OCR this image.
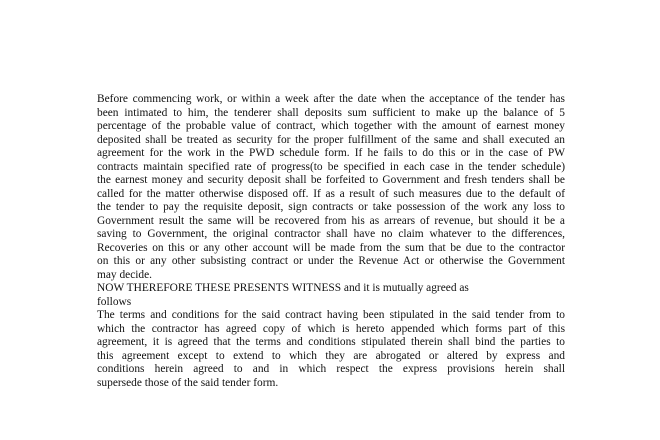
Before commencing work, or within a week after the date when the acceptance of the tender has
been intimated to him, the tenderer shall deposits sum sufficient to make up the balance of 5
percentage of the probable value of contract, which together with the amount of earnest money
deposited shall be treated as security for the proper fulfillment of the same and shall executed an
agreement for the work in the PWD schedule form. If he fails to do this or in the case of PW
contracts maintain specified rate of progress(to be specified in each case in the tender schedule)
the earnest money and security deposit shall be forfeited to Government and fresh tenders shall be
called for the matter otherwise disposed off. If as a result of such measures due to the default of
the tender to pay the requisite deposit, sign contracts or take possession of the work any loss to
Government result the same will be recovered from his as arrears of revenue, but should it be a
saving to Government, the original contractor shall have no claim whatever to the differences,
Recoveries on this or any other account will be made from the sum that be due to the contractor
on this or any other subsisting contract or under the Revenue Act or otherwise the Government
may decide.
NOW THEREFORE THESE PRESENTS WITNESS and it is mutually agreed as
follows
The terms and conditions for the said contract having been stipulated in the said tender from to
which the contractor has agreed copy of which is hereto appended which forms part of this
agreement, it is agreed that the terms and conditions stipulated therein shall bind the parties to
this agreement except to extend to which they are abrogated or altered by express and
conditions herein agreed to and in which respect the express provisions herein shall
supersede those of the said tender form.
